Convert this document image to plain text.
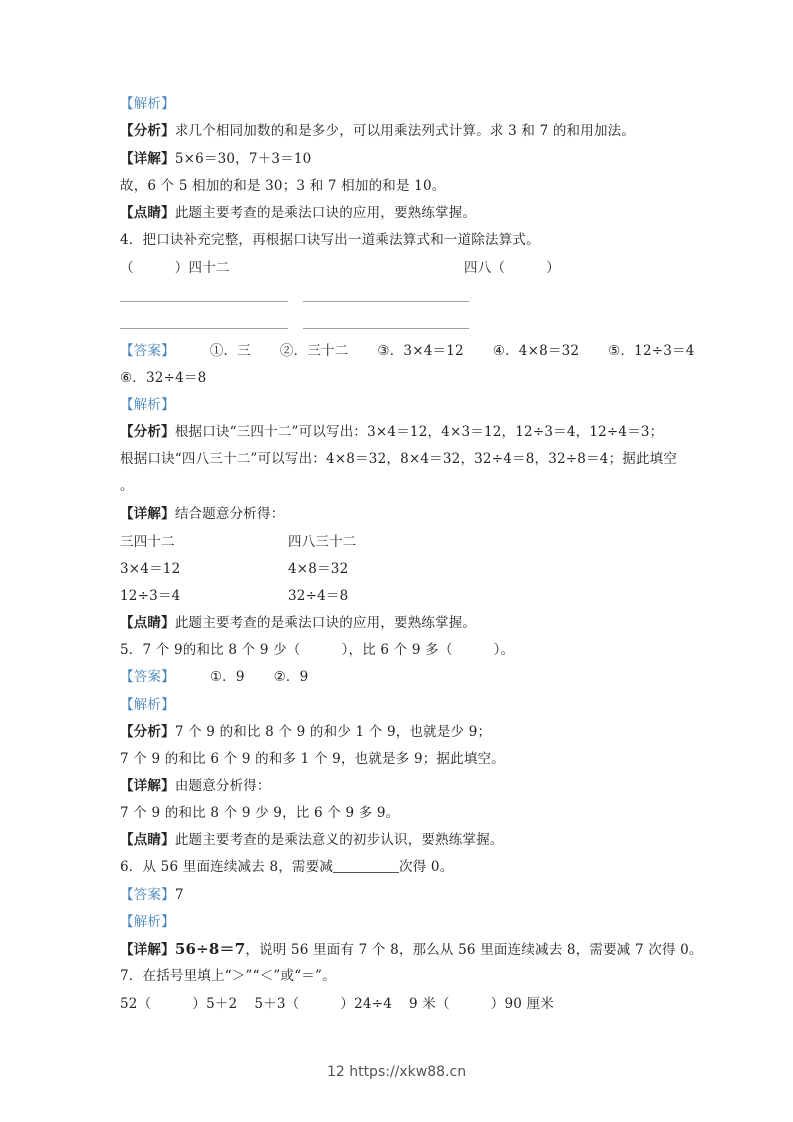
【解析】
【分析】求几个相同加数的和是多少，可以用乘法列式计算。求 3 和 7 的和用加法。
【详解】5×6＝30，7＋3＝10
故，6 个 5 相加的和是 30；3 和 7 相加的和是 10。
【点睛】此题主要考查的是乘法口诀的应用，要熟练掌握。
4．把口诀补充完整，再根据口诀写出一道乘法算式和一道除法算式。
（　　　）四十二	四八（　　　）
【答案】	①．三 ②．三十二 ③．3×4＝12 ④．4×8＝32 ⑤．12÷3＝4
⑥．32÷4＝8
【解析】
【分析】根据口诀“三四十二”可以写出：3×4＝12，4×3＝12，12÷3＝4，12÷4＝3；
根据口诀“四八三十二”可以写出：4×8＝32，8×4＝32，32÷4＝8，32÷8＝4；据此填空
。
【详解】结合题意分析得：
三四十二	四八三十二
3×4＝12	4×8＝32
12÷3＝4	32÷4＝8
【点睛】此题主要考查的是乘法口诀的应用，要熟练掌握。
5．7 个 9的和比 8 个 9 少（　　　），比 6 个 9 多（　　　）。
【答案】	①．9 ②．9
【解析】
【分析】7 个 9 的和比 8 个 9 的和少 1 个 9，也就是少 9；
7 个 9 的和比 6 个 9 的和多 1 个 9，也就是多 9；据此填空。
【详解】由题意分析得：
7 个 9 的和比 8 个 9 少 9，比 6 个 9 多 9。
【点睛】此题主要考查的是乘法意义的初步认识，要熟练掌握。
6．从 56 里面连续减去 8，需要减	次得 0。
【答案】7
【解析】
【详解】56÷8＝7，说明 56 里面有 7 个 8，那么从 56 里面连续减去 8，需要减 7 次得 0。
7．在括号里填上“＞”“＜”或“＝”。
52（　　　）5＋2 5＋3（　　　）24÷4 9 米（　　　）90 厘米
12 https://xkw88.cn
